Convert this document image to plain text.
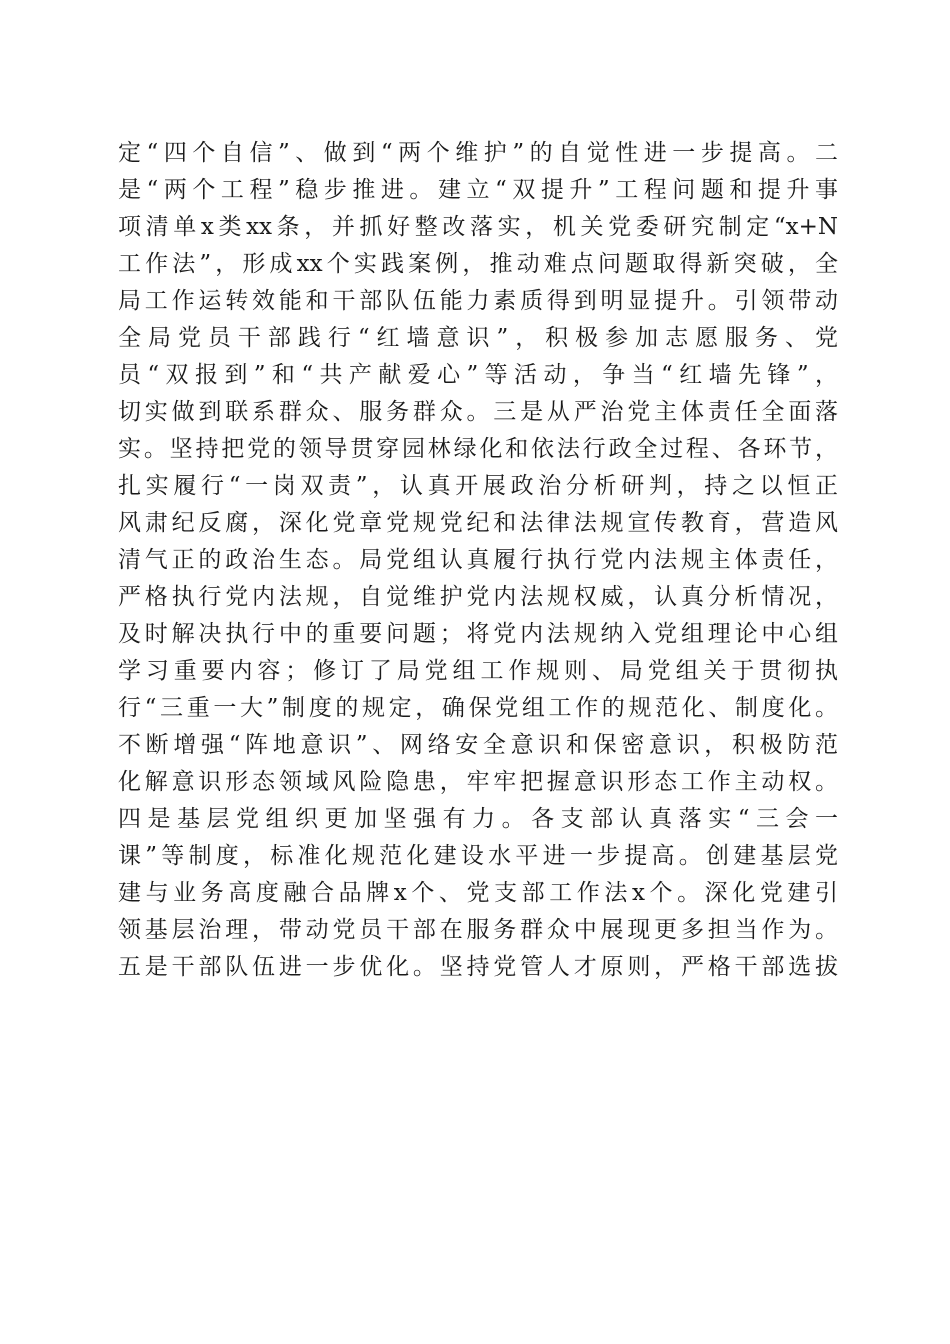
定“四个自信”、做到“两个维护”的自觉性进一步提高。二
是“两个工程”稳步推进。建立“双提升”工程问题和提升事
项清单x类xx条，并抓好整改落实，机关党委研究制定“x+N
工作法”，形成xx个实践案例，推动难点问题取得新突破，全
局工作运转效能和干部队伍能力素质得到明显提升。引领带动
全局党员干部践行“红墙意识”，积极参加志愿服务、党
员“双报到”和“共产献爱心”等活动，争当“红墙先锋”，
切实做到联系群众、服务群众。三是从严治党主体责任全面落
实。坚持把党的领导贯穿园林绿化和依法行政全过程、各环节，
扎实履行“一岗双责”，认真开展政治分析研判，持之以恒正
风肃纪反腐，深化党章党规党纪和法律法规宣传教育，营造风
清气正的政治生态。局党组认真履行执行党内法规主体责任，
严格执行党内法规，自觉维护党内法规权威，认真分析情况，
及时解决执行中的重要问题；将党内法规纳入党组理论中心组
学习重要内容；修订了局党组工作规则、局党组关于贯彻执
行“三重一大”制度的规定，确保党组工作的规范化、制度化。
不断增强“阵地意识”、网络安全意识和保密意识，积极防范
化解意识形态领域风险隐患，牢牢把握意识形态工作主动权。
四是基层党组织更加坚强有力。各支部认真落实“三会一
课”等制度，标准化规范化建设水平进一步提高。创建基层党
建与业务高度融合品牌x个、党支部工作法x个。深化党建引
领基层治理，带动党员干部在服务群众中展现更多担当作为。
五是干部队伍进一步优化。坚持党管人才原则，严格干部选拔
